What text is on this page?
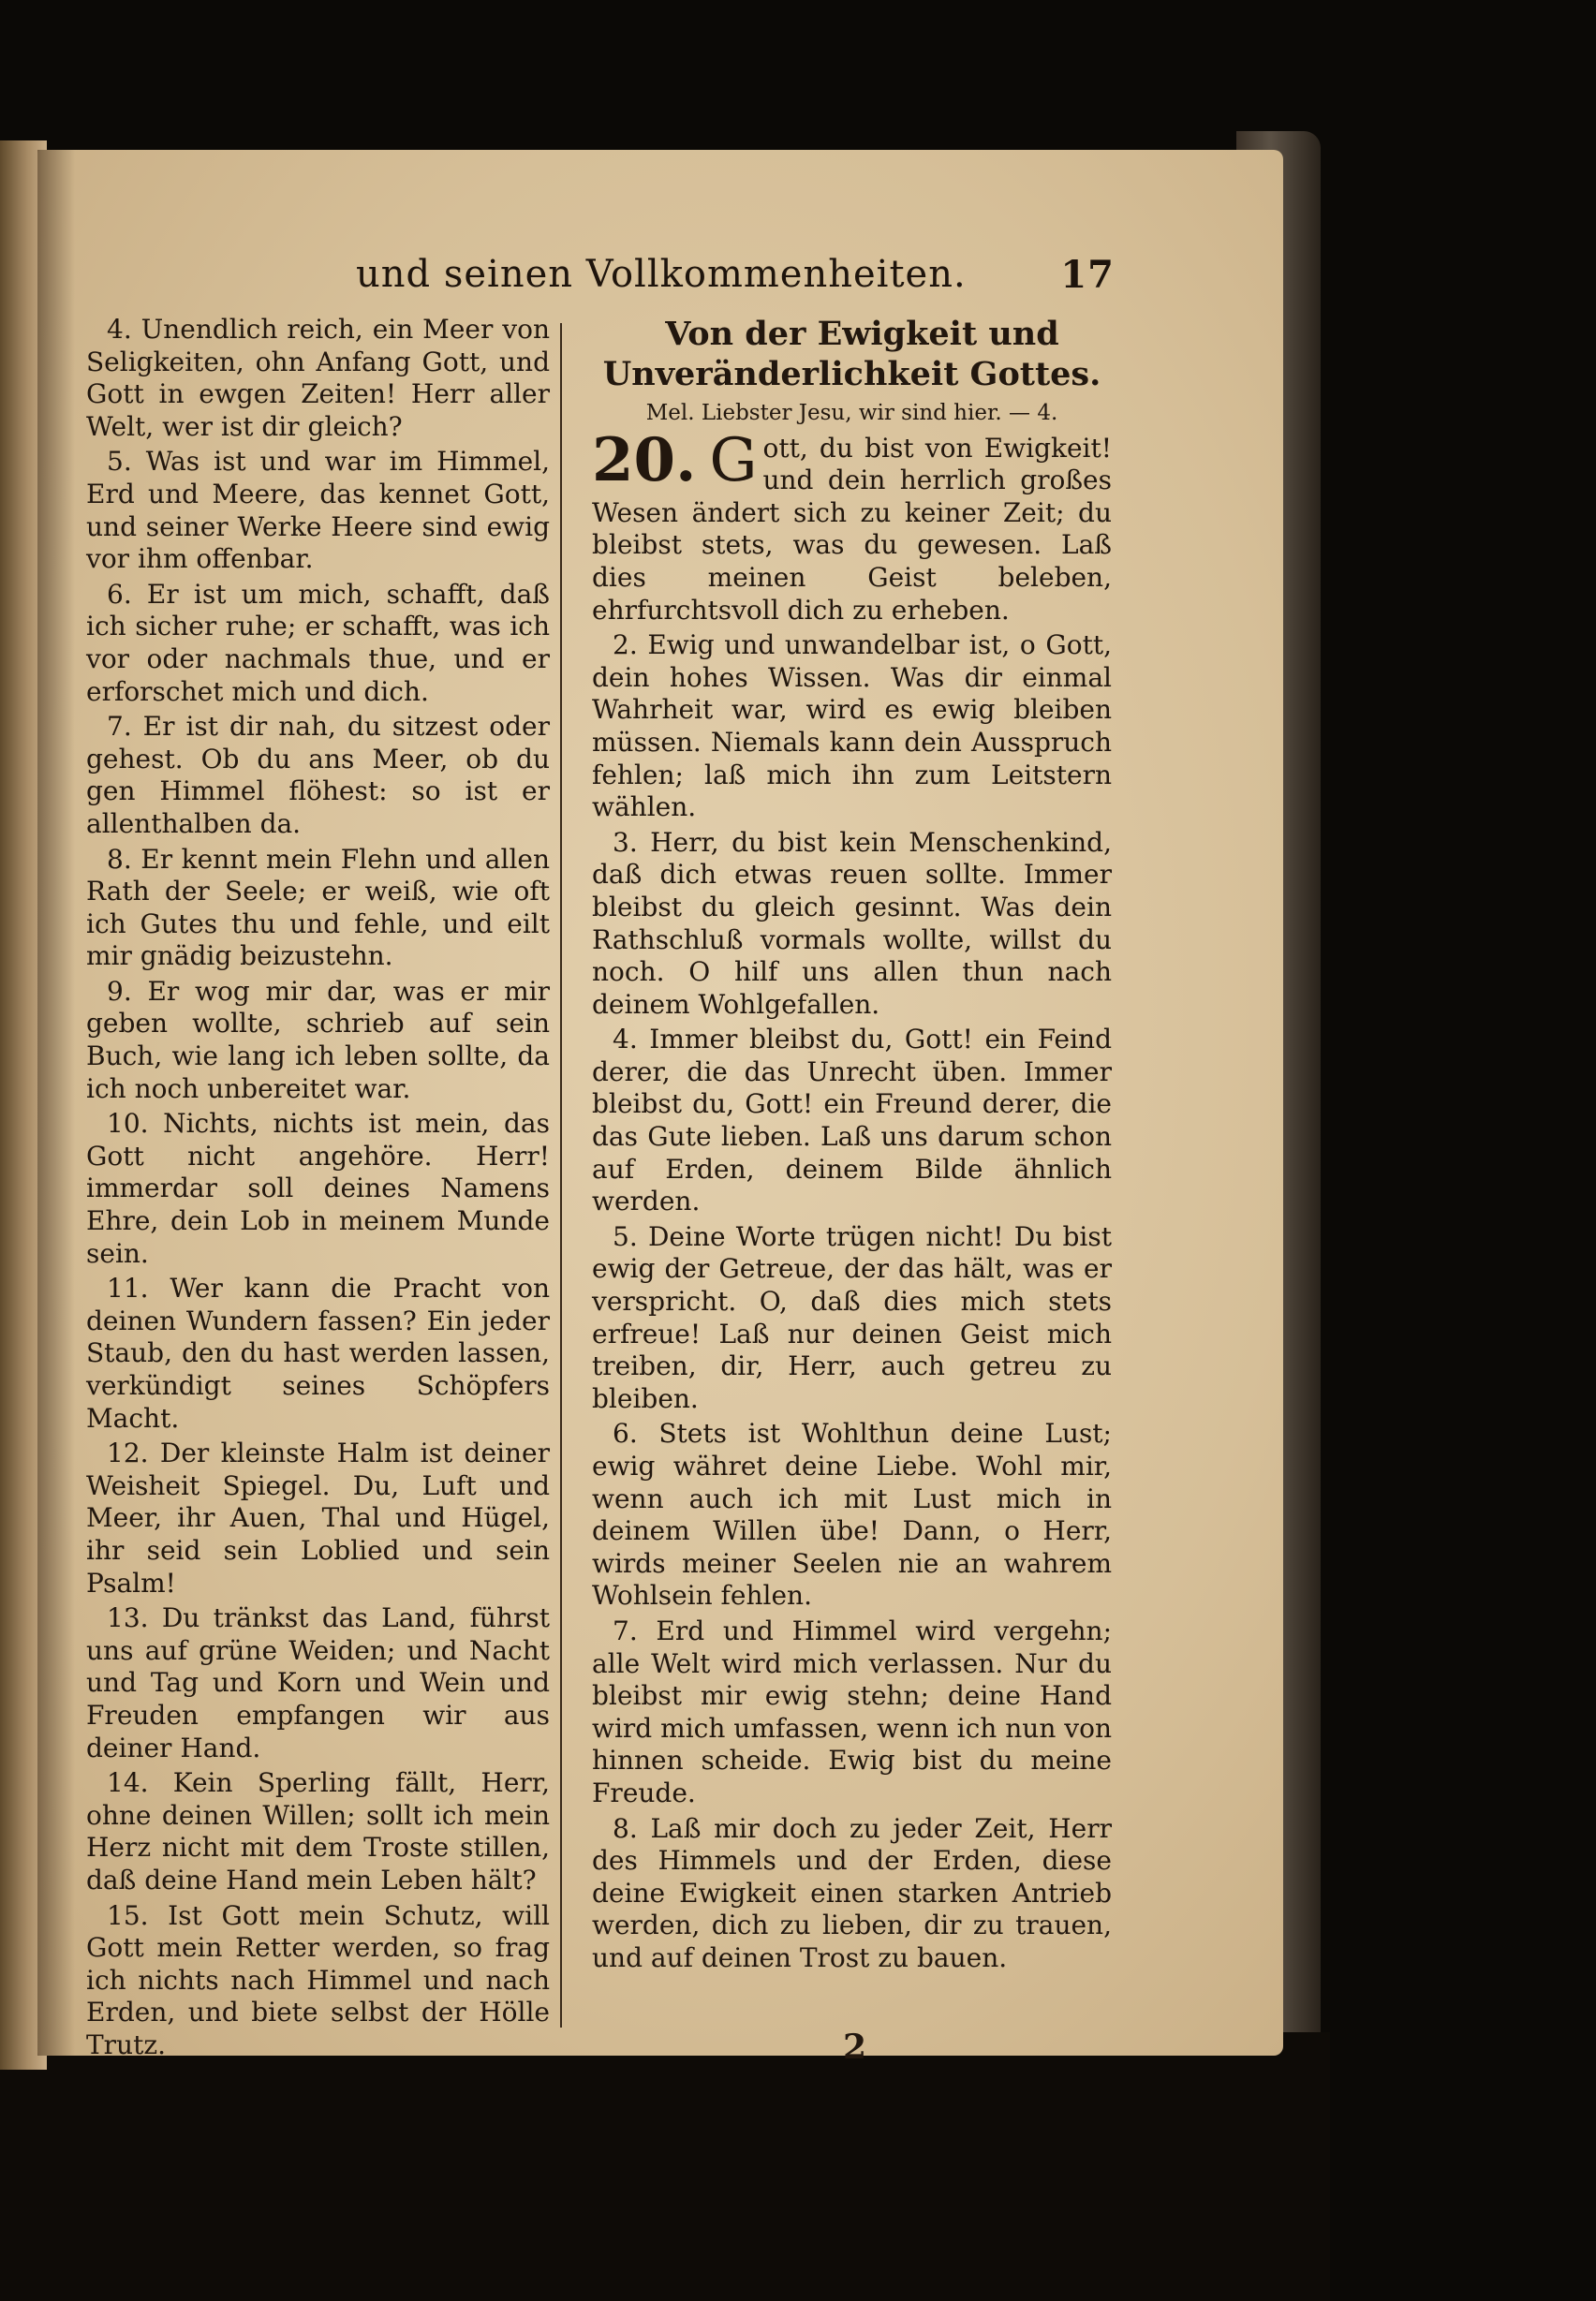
und seinen Vollkommenheiten.	17

4. Unendlich reich, ein Meer von Seligkeiten, ohn Anfang Gott, und Gott in ewgen Zeiten! Herr aller Welt, wer ist dir gleich?

5. Was ist und war im Himmel, Erd und Meere, das kennet Gott, und seiner Werke Heere sind ewig vor ihm offenbar.

6. Er ist um mich, schafft, daß ich sicher ruhe; er schafft, was ich vor oder nachmals thue, und er erforschet mich und dich.

7. Er ist dir nah, du sitzest oder gehest. Ob du ans Meer, ob du gen Himmel flöhest: so ist er allenthalben da.

8. Er kennt mein Flehn und allen Rath der Seele; er weiß, wie oft ich Gutes thu und fehle, und eilt mir gnädig beizustehn.

9. Er wog mir dar, was er mir geben wollte, schrieb auf sein Buch, wie lang ich leben sollte, da ich noch unbereitet war.

10. Nichts, nichts ist mein, das Gott nicht angehöre. Herr! immerdar soll deines Namens Ehre, dein Lob in meinem Munde sein.

11. Wer kann die Pracht von deinen Wundern fassen? Ein jeder Staub, den du hast werden lassen, verkündigt seines Schöpfers Macht.

12. Der kleinste Halm ist deiner Weisheit Spiegel. Du, Luft und Meer, ihr Auen, Thal und Hügel, ihr seid sein Loblied und sein Psalm!

13. Du tränkst das Land, führst uns auf grüne Weiden; und Nacht und Tag und Korn und Wein und Freuden empfangen wir aus deiner Hand.

14. Kein Sperling fällt, Herr, ohne deinen Willen; sollt ich mein Herz nicht mit dem Troste stillen, daß deine Hand mein Leben hält?

15. Ist Gott mein Schutz, will Gott mein Retter werden, so frag ich nichts nach Himmel und nach Erden, und biete selbst der Hölle Trutz.

Von der Ewigkeit und Unveränderlichkeit Gottes.

Mel. Liebster Jesu, wir sind hier. — 4.

20. G ott, du bist von Ewigkeit! und dein herrlich großes Wesen ändert sich zu keiner Zeit; du bleibst stets, was du gewesen. Laß dies meinen Geist beleben, ehrfurchtsvoll dich zu erheben.

2. Ewig und unwandelbar ist, o Gott, dein hohes Wissen. Was dir einmal Wahrheit war, wird es ewig bleiben müssen. Niemals kann dein Ausspruch fehlen; laß mich ihn zum Leitstern wählen.

3. Herr, du bist kein Menschenkind, daß dich etwas reuen sollte. Immer bleibst du gleich gesinnt. Was dein Rathschluß vormals wollte, willst du noch. O hilf uns allen thun nach deinem Wohlgefallen.

4. Immer bleibst du, Gott! ein Feind derer, die das Unrecht üben. Immer bleibst du, Gott! ein Freund derer, die das Gute lieben. Laß uns darum schon auf Erden, deinem Bilde ähnlich werden.

5. Deine Worte trügen nicht! Du bist ewig der Getreue, der das hält, was er verspricht. O, daß dies mich stets erfreue! Laß nur deinen Geist mich treiben, dir, Herr, auch getreu zu bleiben.

6. Stets ist Wohlthun deine Lust; ewig währet deine Liebe. Wohl mir, wenn auch ich mit Lust mich in deinem Willen übe! Dann, o Herr, wirds meiner Seelen nie an wahrem Wohlsein fehlen.

7. Erd und Himmel wird vergehn; alle Welt wird mich verlassen. Nur du bleibst mir ewig stehn; deine Hand wird mich umfassen, wenn ich nun von hinnen scheide. Ewig bist du meine Freude.

8. Laß mir doch zu jeder Zeit, Herr des Himmels und der Erden, diese deine Ewigkeit einen starken Antrieb werden, dich zu lieben, dir zu trauen, und auf deinen Trost zu bauen.

2
